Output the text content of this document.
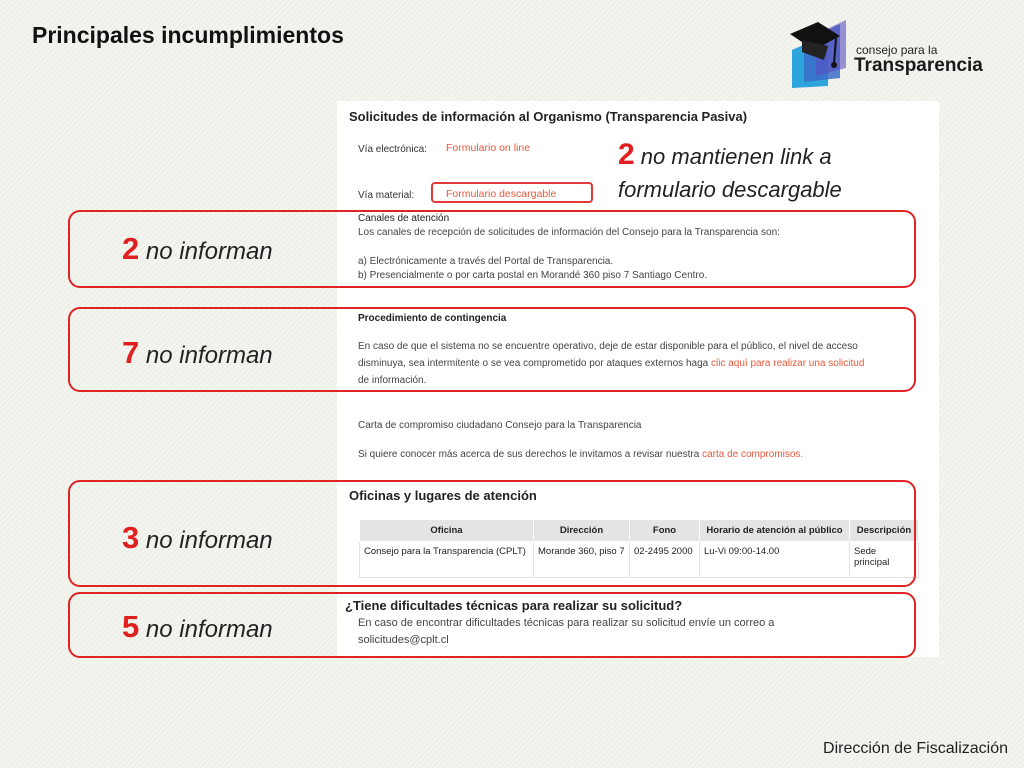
Principales incumplimientos
consejo para la
Transparencia
Solicitudes de información al Organismo (Transparencia Pasiva)
Vía electrónica: Formulario on line
Vía material:	Formulario descargable
Canales de atención
Los canales de recepción de solicitudes de información del Consejo para la Transparencia son:
a) Electrónicamente a través del Portal de Transparencia.
b) Presencialmente o por carta postal en Morandé 360 piso 7 Santiago Centro.
Procedimiento de contingencia
En caso de que el sistema no se encuentre operativo, deje de estar disponible para el público, el nivel de acceso
disminuya, sea intermitente o se vea comprometido por ataques externos haga clic aquí para realizar una solicitud
de información.
Carta de compromiso ciudadano Consejo para la Transparencia
Si quiere conocer más acerca de sus derechos le invitamos a revisar nuestra carta de compromisos.
Oficinas y lugares de atención
Oficina	Dirección	Fono	Horario de atención al público	Descripción
Consejo para la Transparencia (CPLT)	Morande 360, piso 7	02-2495 2000	Lu-Vi 09:00-14.00	Sede principal
¿Tiene dificultades técnicas para realizar su solicitud?
En caso de encontrar dificultades técnicas para realizar su solicitud envíe un correo a
solicitudes@cplt.cl
2 no mantienen link a formulario descargable
2 no informan
7 no informan
3 no informan
5 no informan
Dirección de Fiscalización
